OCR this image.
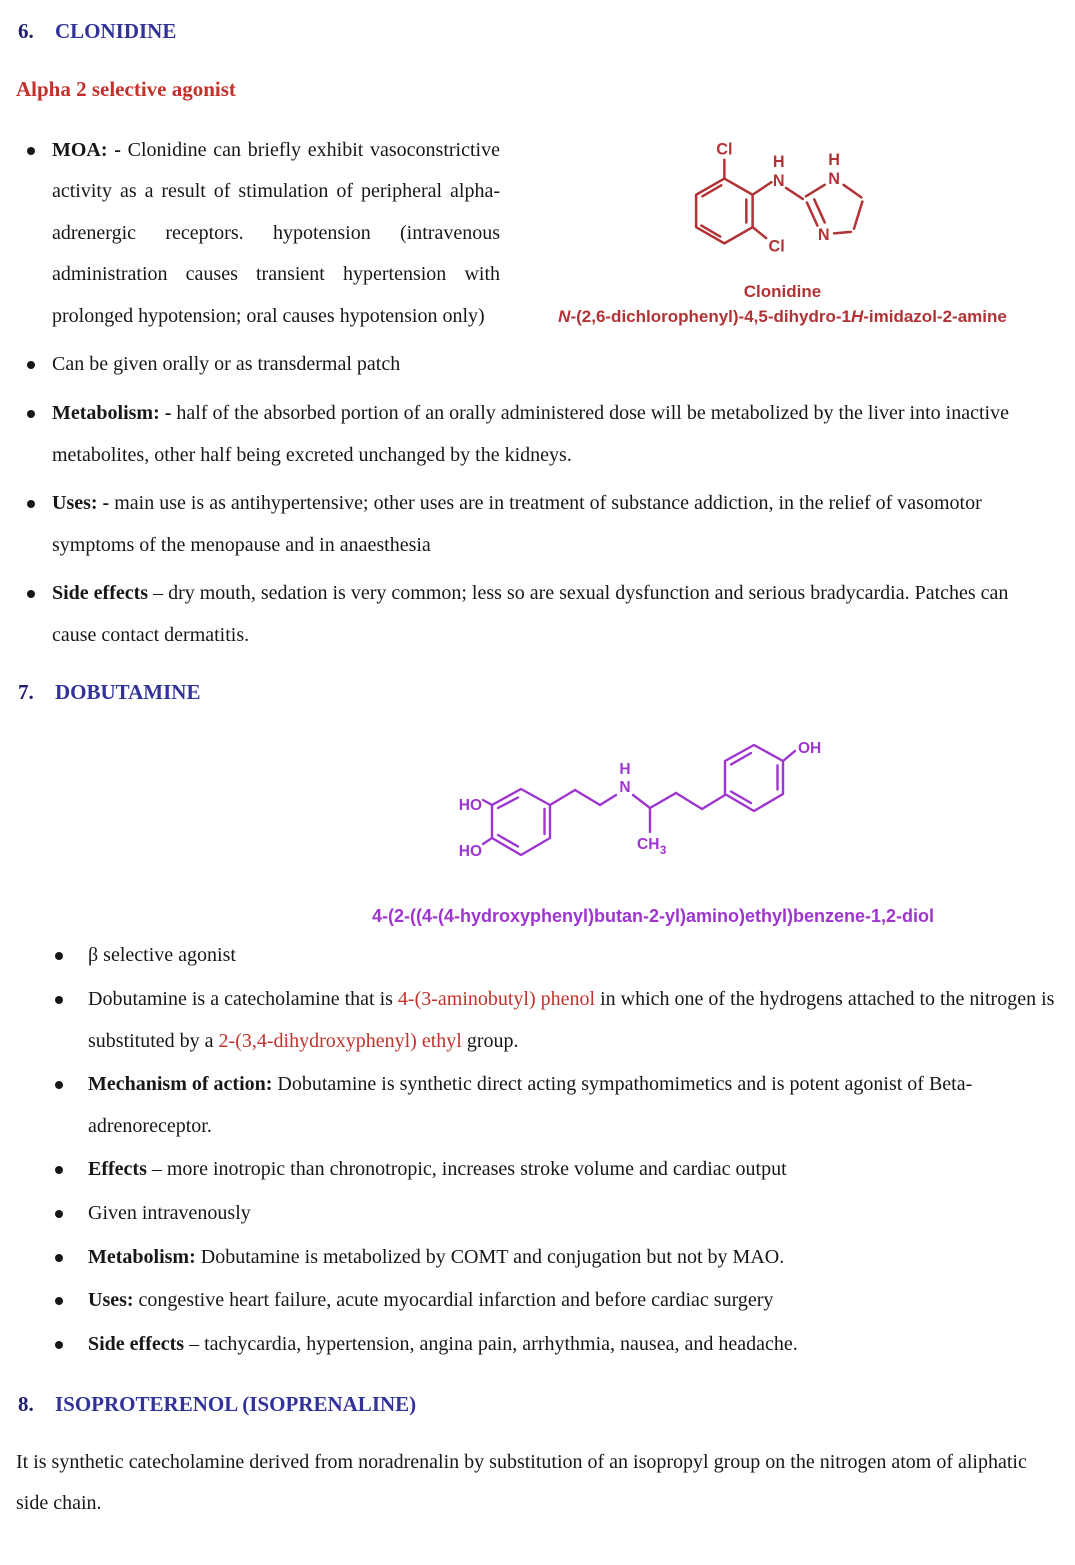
6. CLONIDINE
Alpha 2 selective agonist
Cl
H
N
H
N
N
Cl
Clonidine
N-(2,6-dichlorophenyl)-4,5-dihydro-1H-imidazol-2-amine
MOA: - Clonidine can briefly exhibit vasoconstrictive activity as a result of stimulation of peripheral alpha-adrenergic receptors. hypotension (intravenous administration causes transient hypertension with prolonged hypotension; oral causes hypotension only)
Can be given orally or as transdermal patch
Metabolism: - half of the absorbed portion of an orally administered dose will be metabolized by the liver into inactive metabolites, other half being excreted unchanged by the kidneys.
Uses: - main use is as antihypertensive; other uses are in treatment of substance addiction, in the relief of vasomotor symptoms of the menopause and in anaesthesia
Side effects – dry mouth, sedation is very common; less so are sexual dysfunction and serious bradycardia. Patches can cause contact dermatitis.
7. DOBUTAMINE
HO
HO
H
N
CH 3
OH
4-(2-((4-(4-hydroxyphenyl)butan-2-yl)amino)ethyl)benzene-1,2-diol
β selective agonist
Dobutamine is a catecholamine that is 4-(3-aminobutyl) phenol in which one of the hydrogens attached to the nitrogen is substituted by a 2-(3,4-dihydroxyphenyl) ethyl group.
Mechanism of action: Dobutamine is synthetic direct acting sympathomimetics and is potent agonist of Beta-adrenoreceptor.
Effects – more inotropic than chronotropic, increases stroke volume and cardiac output
Given intravenously
Metabolism: Dobutamine is metabolized by COMT and conjugation but not by MAO.
Uses: congestive heart failure, acute myocardial infarction and before cardiac surgery
Side effects – tachycardia, hypertension, angina pain, arrhythmia, nausea, and headache.
8. ISOPROTERENOL (ISOPRENALINE)

It is synthetic catecholamine derived from noradrenalin by substitution of an isopropyl group on the nitrogen atom of aliphatic side chain.
